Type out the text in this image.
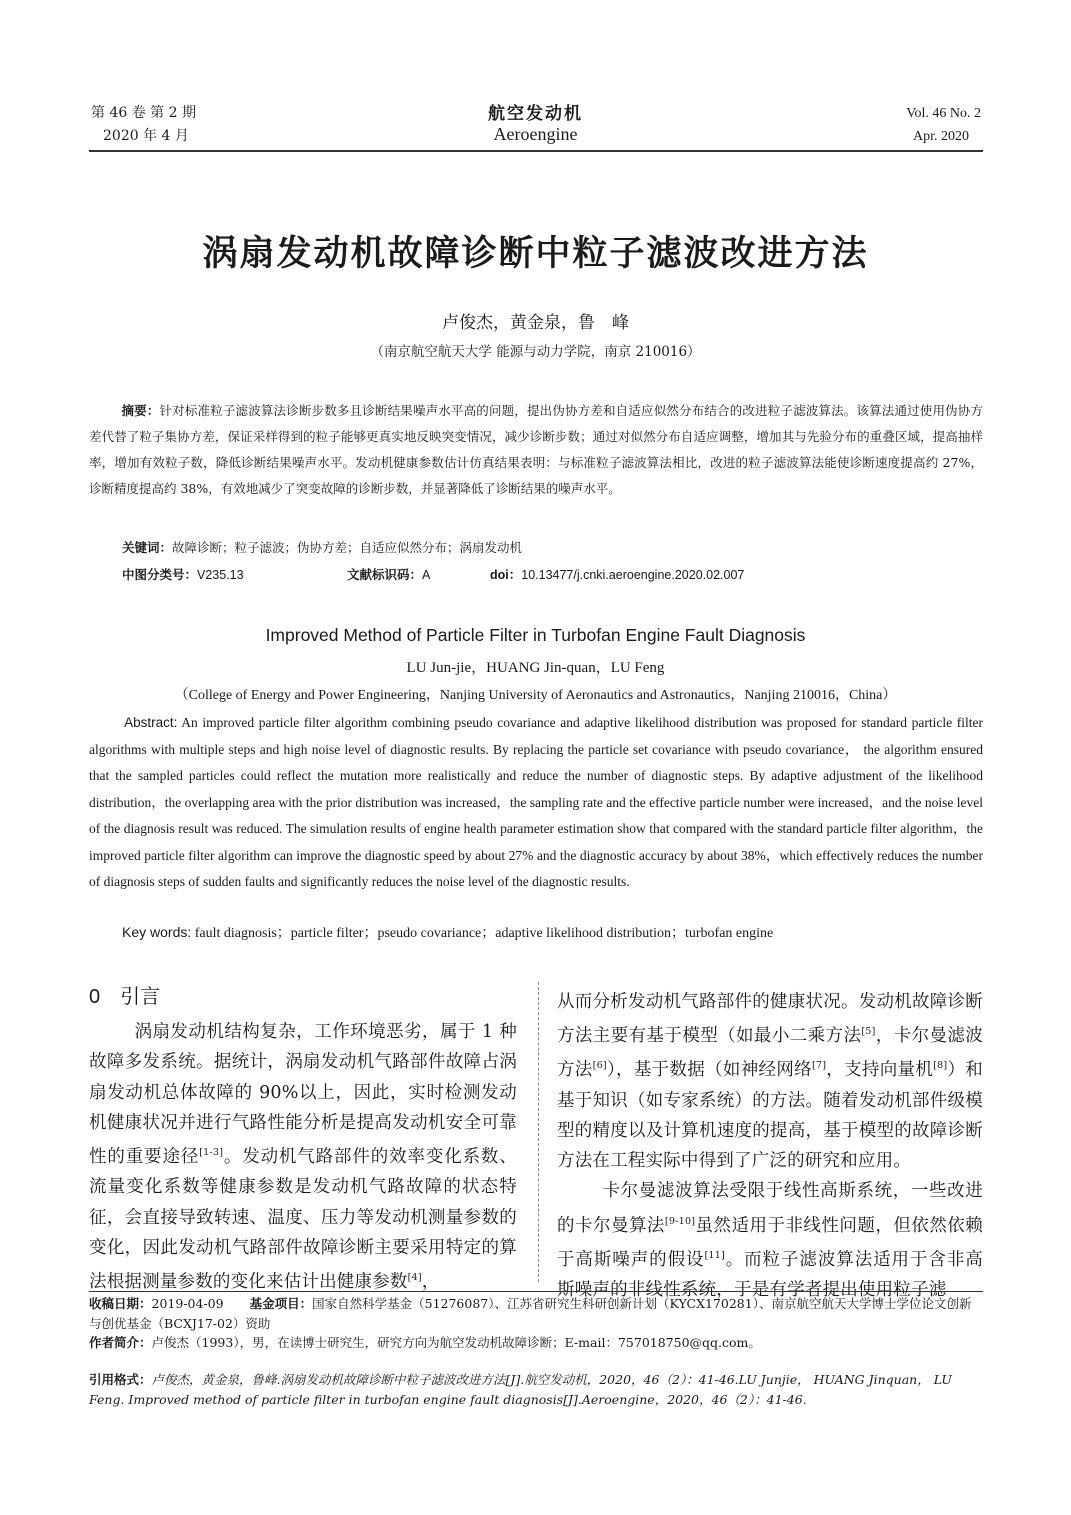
第 46 卷 第 2 期
2020 年 4 月
航空发动机
Aeroengine
Vol. 46 No. 2
Apr. 2020
涡扇发动机故障诊断中粒子滤波改进方法
卢俊杰，黄金泉，鲁　峰
（南京航空航天大学 能源与动力学院，南京 210016）
摘要：针对标准粒子滤波算法诊断步数多且诊断结果噪声水平高的问题，提出伪协方差和自适应似然分布结合的改进粒子滤波算法。该算法通过使用伪协方差代替了粒子集协方差，保证采样得到的粒子能够更真实地反映突变情况，减少诊断步数；通过对似然分布自适应调整，增加其与先验分布的重叠区域，提高抽样率，增加有效粒子数，降低诊断结果噪声水平。发动机健康参数估计仿真结果表明：与标准粒子滤波算法相比，改进的粒子滤波算法能使诊断速度提高约 27%，诊断精度提高约 38%，有效地减少了突变故障的诊断步数，并显著降低了诊断结果的噪声水平。
关键词：故障诊断；粒子滤波；伪协方差；自适应似然分布；涡扇发动机
中图分类号：V235.13	文献标识码：A	doi：10.13477/j.cnki.aeroengine.2020.02.007
Improved Method of Particle Filter in Turbofan Engine Fault Diagnosis
LU Jun-jie，HUANG Jin-quan，LU Feng
（College of Energy and Power Engineering，Nanjing University of Aeronautics and Astronautics，Nanjing 210016，China）
Abstract: An improved particle filter algorithm combining pseudo covariance and adaptive likelihood distribution was proposed for standard particle filter algorithms with multiple steps and high noise level of diagnostic results. By replacing the particle set covariance with pseudo covariance， the algorithm ensured that the sampled particles could reflect the mutation more realistically and reduce the number of diagnostic steps. By adaptive adjustment of the likelihood distribution，the overlapping area with the prior distribution was increased，the sampling rate and the effective particle number were increased，and the noise level of the diagnosis result was reduced. The simulation results of engine health parameter estimation show that compared with the standard particle filter algorithm，the improved particle filter algorithm can improve the diagnostic speed by about 27% and the diagnostic accuracy by about 38%，which effectively reduces the number of diagnosis steps of sudden faults and significantly reduces the noise level of the diagnostic results.
Key words: fault diagnosis；particle filter；pseudo covariance；adaptive likelihood distribution；turbofan engine
0 引言

涡扇发动机结构复杂，工作环境恶劣，属于 1 种故障多发系统。据统计，涡扇发动机气路部件故障占涡扇发动机总体故障的 90%以上，因此，实时检测发动机健康状况并进行气路性能分析是提高发动机安全可靠性的重要途径[1-3]。发动机气路部件的效率变化系数、流量变化系数等健康参数是发动机气路故障的状态特征，会直接导致转速、温度、压力等发动机测量参数的变化，因此发动机气路部件故障诊断主要采用特定的算法根据测量参数的变化来估计出健康参数[4]，

从而分析发动机气路部件的健康状况。发动机故障诊断方法主要有基于模型（如最小二乘方法[5]，卡尔曼滤波方法[6]），基于数据（如神经网络[7]，支持向量机[8]）和基于知识（如专家系统）的方法。随着发动机部件级模型的精度以及计算机速度的提高，基于模型的故障诊断方法在工程实际中得到了广泛的研究和应用。

卡尔曼滤波算法受限于线性高斯系统，一些改进的卡尔曼算法[9-10]虽然适用于非线性问题，但依然依赖于高斯噪声的假设[11]。而粒子滤波算法适用于含非高斯噪声的非线性系统，于是有学者提出使用粒子滤

收稿日期：2019-04-09 基金项目：国家自然科学基金（51276087）、江苏省研究生科研创新计划（KYCX170281）、南京航空航天大学博士学位论文创新与创优基金（BCXJ17-02）资助
作者简介：卢俊杰（1993），男，在读博士研究生，研究方向为航空发动机故障诊断；E-mail：757018750@qq.com。
引用格式：卢俊杰，黄金泉，鲁峰.涡扇发动机故障诊断中粒子滤波改进方法[J].航空发动机，2020，46（2）：41-46.LU Junjie， HUANG Jinquan， LU Feng. Improved method of particle filter in turbofan engine fault diagnosis[J].Aeroengine，2020，46（2）：41-46.
